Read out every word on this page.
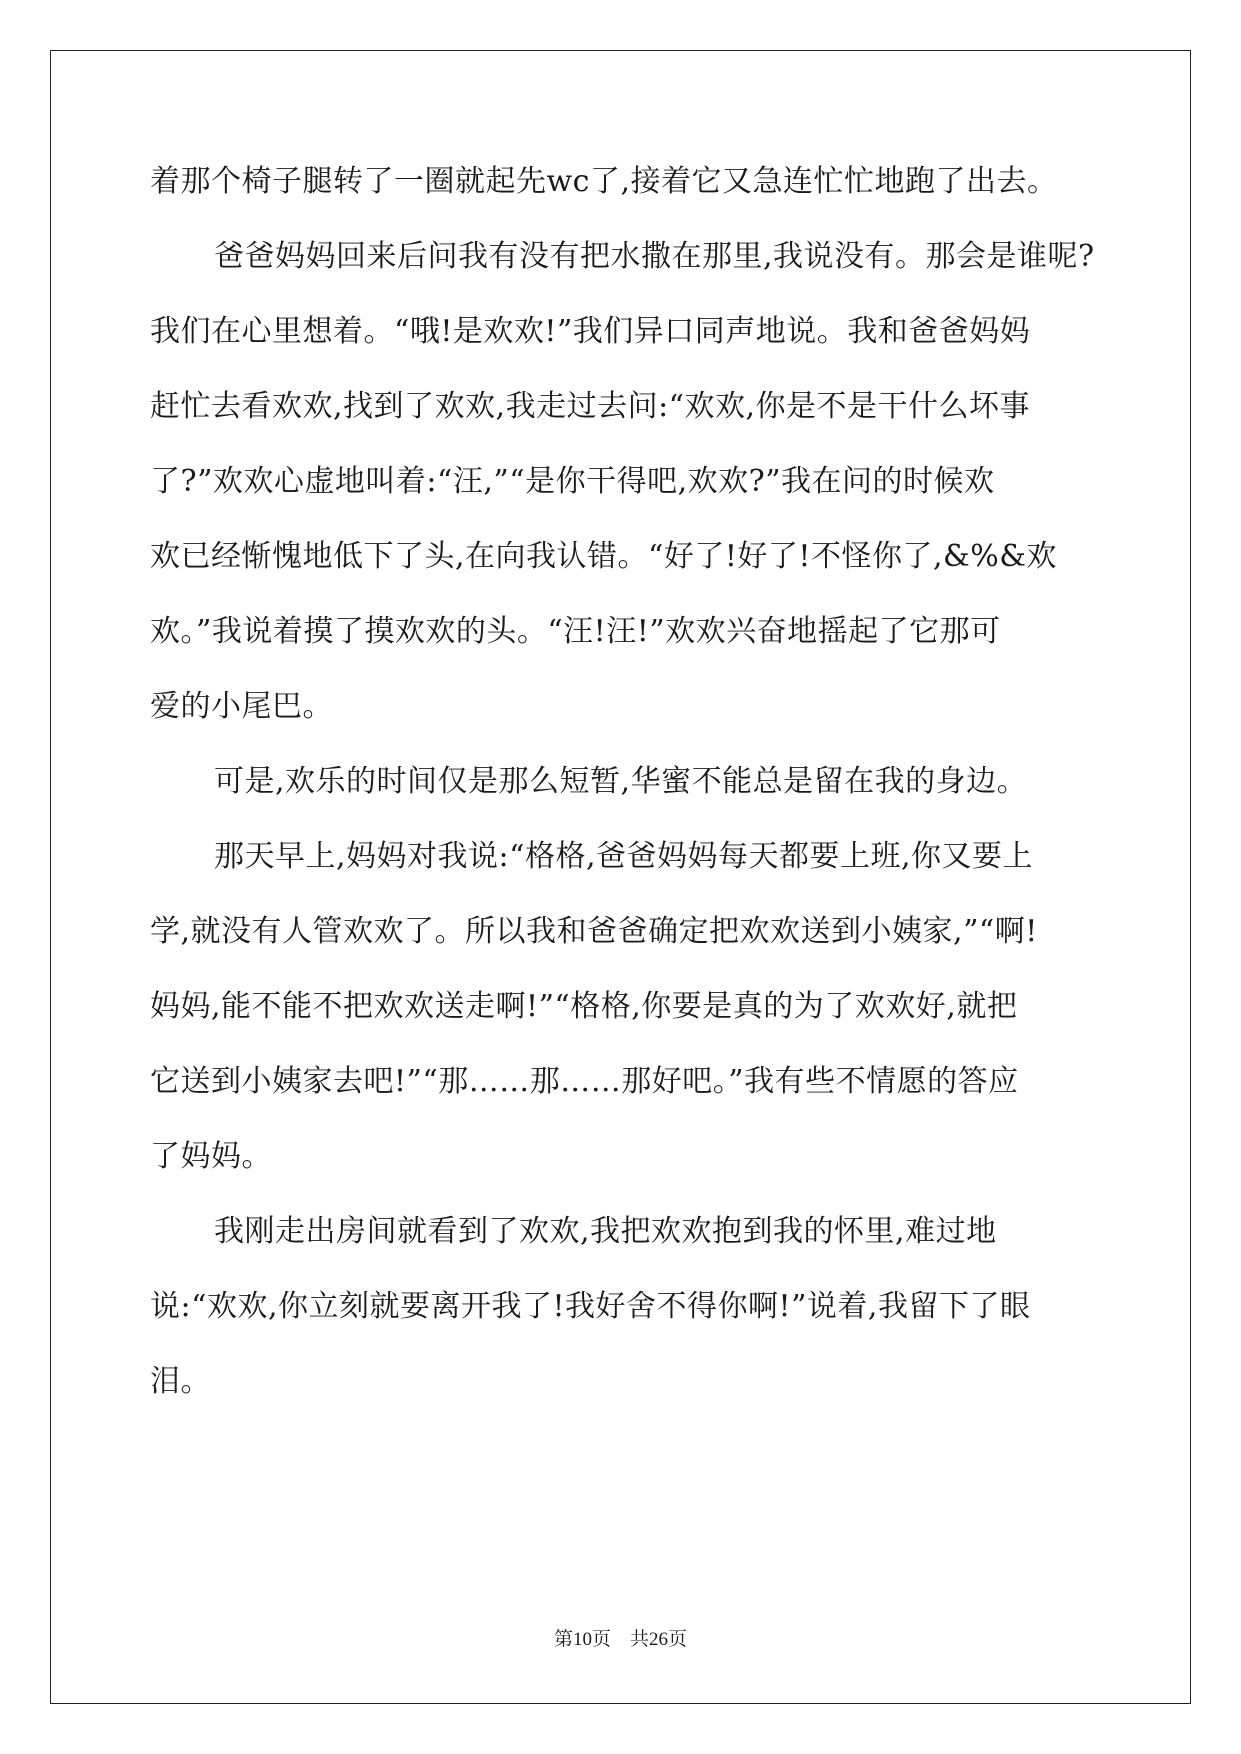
着那个椅子腿转了一圈就起先wc了,接着它又急连忙忙地跑了出去。
爸爸妈妈回来后问我有没有把水撒在那里,我说没有。那会是谁呢?
我们在心里想着。“哦!是欢欢!”我们异口同声地说。我和爸爸妈妈
赶忙去看欢欢,找到了欢欢,我走过去问:“欢欢,你是不是干什么坏事
了?”欢欢心虚地叫着:“汪,”“是你干得吧,欢欢?”我在问的时候欢
欢已经惭愧地低下了头,在向我认错。“好了!好了!不怪你了,&%&欢
欢。”我说着摸了摸欢欢的头。“汪!汪!”欢欢兴奋地摇起了它那可
爱的小尾巴。
可是,欢乐的时间仅是那么短暂,华蜜不能总是留在我的身边。
那天早上,妈妈对我说:“格格,爸爸妈妈每天都要上班,你又要上
学,就没有人管欢欢了。所以我和爸爸确定把欢欢送到小姨家,”“啊!
妈妈,能不能不把欢欢送走啊!”“格格,你要是真的为了欢欢好,就把
它送到小姨家去吧!”“那……那……那好吧。”我有些不情愿的答应
了妈妈。
我刚走出房间就看到了欢欢,我把欢欢抱到我的怀里,难过地
说:“欢欢,你立刻就要离开我了!我好舍不得你啊!”说着,我留下了眼
泪。
第10页　共26页
